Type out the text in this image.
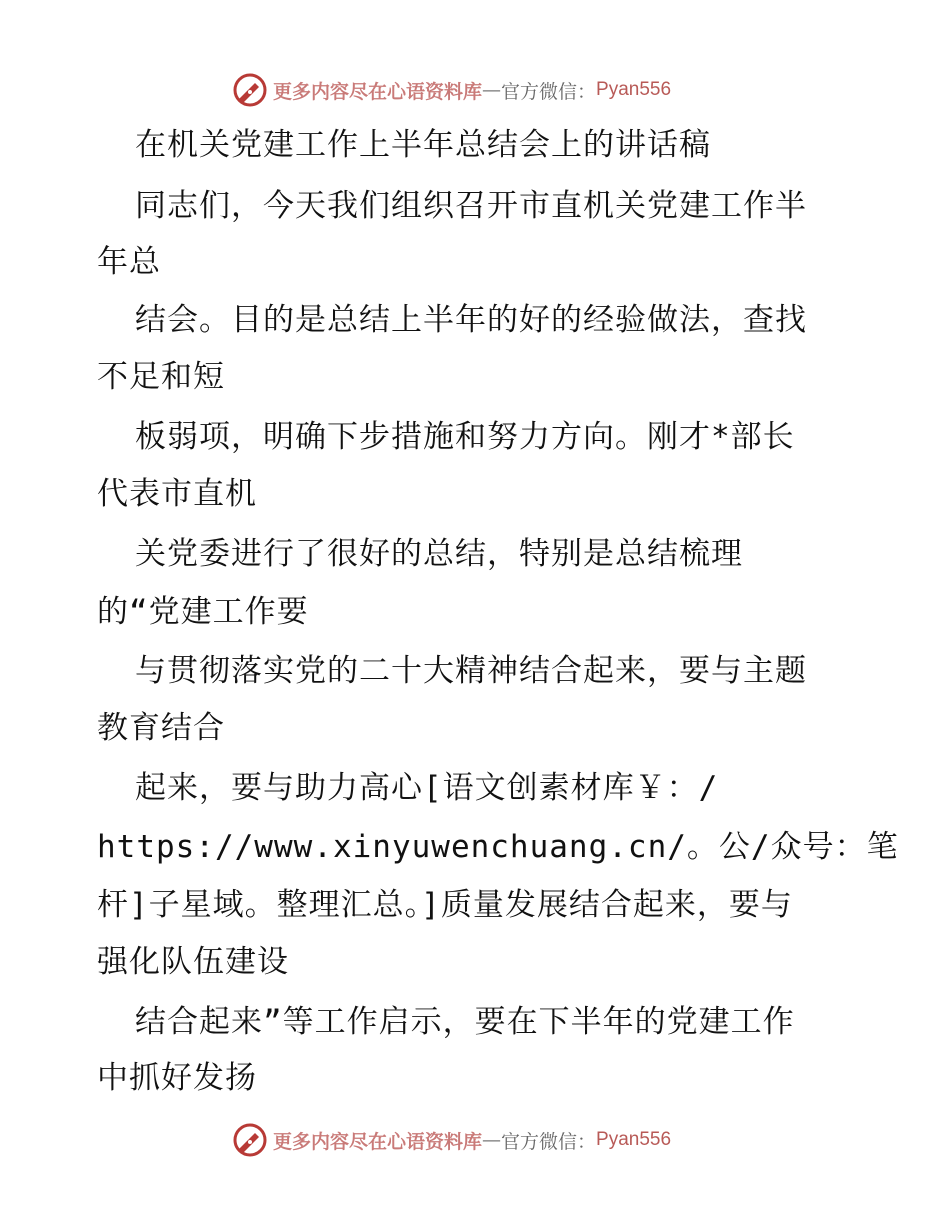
更多内容尽在心语资料库 — 官方微信： Pyan556
在机关党建工作上半年总结会上的讲话稿
同志们，今天我们组织召开市直机关党建工作半
年总
结会。目的是总结上半年的好的经验做法，查找
不足和短
板弱项，明确下步措施和努力方向。刚才*部长
代表市直机
关党委进行了很好的总结，特别是总结梳理
的“党建工作要
与贯彻落实党的二十大精神结合起来，要与主题
教育结合
起来，要与助力高心[语文创素材库￥：/
https://www.xinyuwenchuang.cn/。公/众号：笔
杆]子星域。整理汇总。]质量发展结合起来，要与
强化队伍建设
结合起来”等工作启示，要在下半年的党建工作
中抓好发扬
更多内容尽在心语资料库 — 官方微信： Pyan556
